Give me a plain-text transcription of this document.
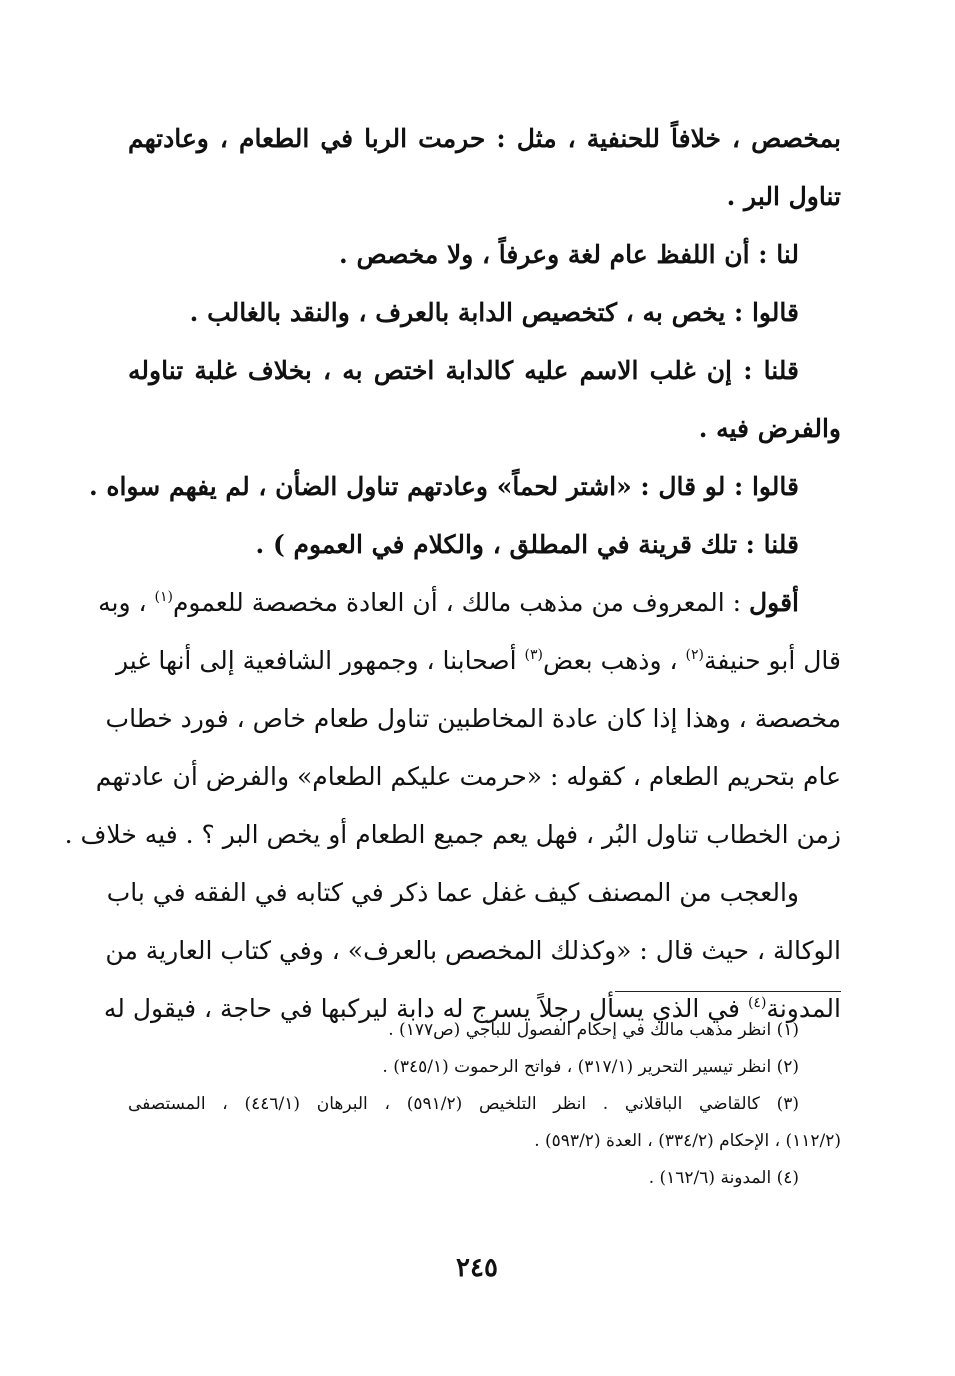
بمخصص ، خلافاً للحنفية ، مثل : حرمت الربا في الطعام ، وعادتهم
تناول البر .
لنا : أن اللفظ عام لغة وعرفاً ، ولا مخصص .
قالوا : يخص به ، كتخصيص الدابة بالعرف ، والنقد بالغالب .
قلنا : إن غلب الاسم عليه كالدابة اختص به ، بخلاف غلبة تناوله
والفرض فيه .
قالوا : لو قال : «اشتر لحماً» وعادتهم تناول الضأن ، لم يفهم سواه .
قلنا : تلك قرينة في المطلق ، والكلام في العموم ) .
أقول : المعروف من مذهب مالك ، أن العادة مخصصة للعموم$^{(١)}$ ، وبه
قال أبو حنيفة$^{(٢)}$ ، وذهب بعض$^{(٣)}$ أصحابنا ، وجمهور الشافعية إلى أنها غير
مخصصة ، وهذا إذا كان عادة المخاطبين تناول طعام خاص ، فورد خطاب
عام بتحريم الطعام ، كقوله : «حرمت عليكم الطعام» والفرض أن عادتهم
زمن الخطاب تناول البُر ، فهل يعم جميع الطعام أو يخص البر ؟ . فيه خلاف .
والعجب من المصنف كيف غفل عما ذكر في كتابه في الفقه في باب
الوكالة ، حيث قال : «وكذلك المخصص بالعرف» ، وفي كتاب العارية من
المدونة$^{(٤)}$ في الذي يسأل رجلاً يسرج له دابة ليركبها في حاجة ، فيقول له
(١) انظر مذهب مالك في إحكام الفصول للباجي (ص١٧٧) .
(٢) انظر تيسير التحرير (٣١٧/١) ، فواتح الرحموت (٣٤٥/١) .
(٣) كالقاضي الباقلاني . انظر التلخيص (٥٩١/٢) ، البرهان (٤٤٦/١) ، المستصفى
(١١٢/٢) ، الإحكام (٣٣٤/٢) ، العدة (٥٩٣/٢) .
(٤) المدونة (١٦٢/٦) .
٢٤٥
